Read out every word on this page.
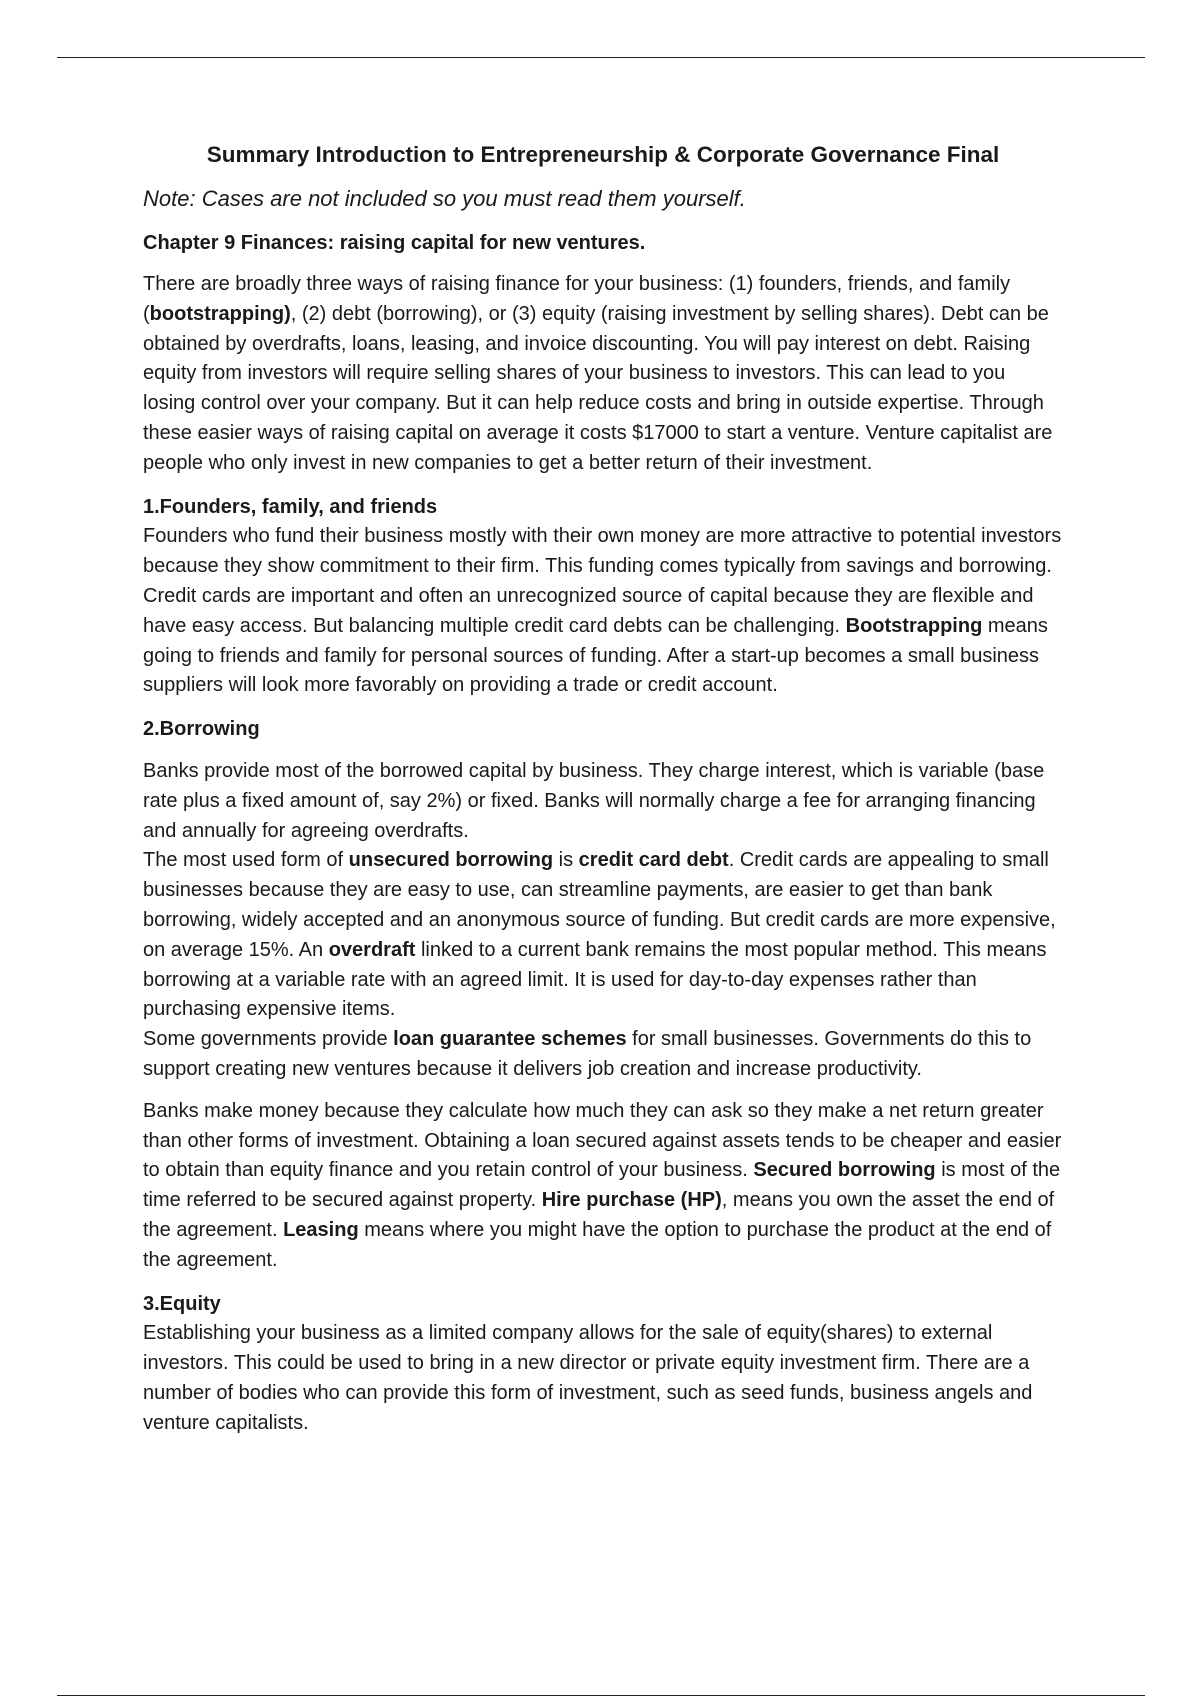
Summary Introduction to Entrepreneurship & Corporate Governance Final

Note: Cases are not included so you must read them yourself.

Chapter 9 Finances: raising capital for new ventures.

There are broadly three ways of raising finance for your business: (1) founders, friends, and family (bootstrapping), (2) debt (borrowing), or (3) equity (raising investment by selling shares). Debt can be obtained by overdrafts, loans, leasing, and invoice discounting. You will pay interest on debt. Raising equity from investors will require selling shares of your business to investors. This can lead to you losing control over your company. But it can help reduce costs and bring in outside expertise. Through these easier ways of raising capital on average it costs $17000 to start a venture. Venture capitalist are people who only invest in new companies to get a better return of their investment.

1.Founders, family, and friends

Founders who fund their business mostly with their own money are more attractive to potential investors because they show commitment to their firm. This funding comes typically from savings and borrowing. Credit cards are important and often an unrecognized source of capital because they are flexible and have easy access. But balancing multiple credit card debts can be challenging. Bootstrapping means going to friends and family for personal sources of funding. After a start-up becomes a small business suppliers will look more favorably on providing a trade or credit account.

2.Borrowing

Banks provide most of the borrowed capital by business. They charge interest, which is variable (base rate plus a fixed amount of, say 2%) or fixed. Banks will normally charge a fee for arranging financing and annually for agreeing overdrafts.

The most used form of unsecured borrowing is credit card debt. Credit cards are appealing to small businesses because they are easy to use, can streamline payments, are easier to get than bank borrowing, widely accepted and an anonymous source of funding. But credit cards are more expensive, on average 15%. An overdraft linked to a current bank remains the most popular method. This means borrowing at a variable rate with an agreed limit. It is used for day-to-day expenses rather than purchasing expensive items.

Some governments provide loan guarantee schemes for small businesses. Governments do this to support creating new ventures because it delivers job creation and increase productivity.

Banks make money because they calculate how much they can ask so they make a net return greater than other forms of investment. Obtaining a loan secured against assets tends to be cheaper and easier to obtain than equity finance and you retain control of your business. Secured borrowing is most of the time referred to be secured against property. Hire purchase (HP), means you own the asset the end of the agreement. Leasing means where you might have the option to purchase the product at the end of the agreement.

3.Equity

Establishing your business as a limited company allows for the sale of equity(shares) to external investors. This could be used to bring in a new director or private equity investment firm. There are a number of bodies who can provide this form of investment, such as seed funds, business angels and venture capitalists.
